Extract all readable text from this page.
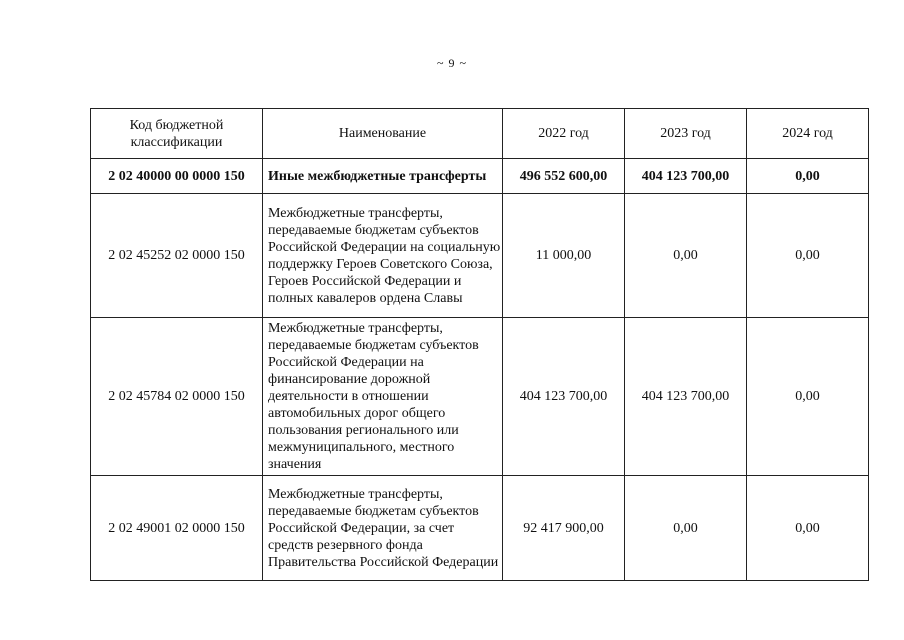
~ 9 ~
Код бюджетной классификации	Наименование	2022 год	2023 год	2024 год
2 02 40000 00 0000 150	Иные межбюджетные трансферты	496 552 600,00	404 123 700,00	0,00
2 02 45252 02 0000 150	Межбюджетные трансферты, передаваемые бюджетам субъектов Российской Федерации на социальную поддержку Героев Советского Союза, Героев Российской Федерации и полных кавалеров ордена Славы	11 000,00	0,00	0,00
2 02 45784 02 0000 150	Межбюджетные трансферты, передаваемые бюджетам субъектов Российской Федерации на финансирование дорожной деятельности в отношении автомобильных дорог общего пользования регионального или межмуниципального, местного значения	404 123 700,00	404 123 700,00	0,00
2 02 49001 02 0000 150	Межбюджетные трансферты, передаваемые бюджетам субъектов Российской Федерации, за счет средств резервного фонда Правительства Российской Федерации	92 417 900,00	0,00	0,00
